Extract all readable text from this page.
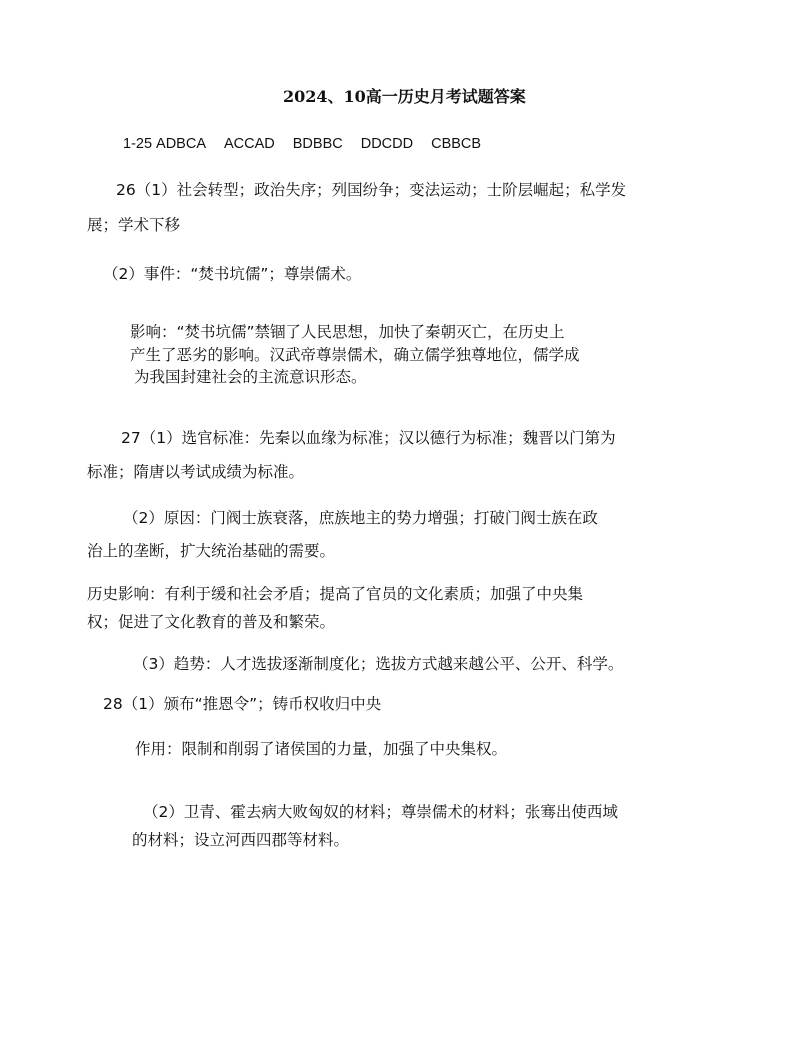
2024、10高一历史月考试题答案

1-25 ADBCA ACCAD BDBBC DDCDD CBBCB

26（1）社会转型；政治失序；列国纷争；变法运动；士阶层崛起；私学发

展；学术下移

（2）事件：“焚书坑儒”；尊崇儒术。

影响：“焚书坑儒”禁锢了人民思想，加快了秦朝灭亡，在历史上

产生了恶劣的影响。汉武帝尊崇儒术，确立儒学独尊地位，儒学成

为我国封建社会的主流意识形态。

27（1）选官标准：先秦以血缘为标准；汉以德行为标准；魏晋以门第为

标准；隋唐以考试成绩为标准。

（2）原因：门阀士族衰落，庶族地主的势力增强；打破门阀士族在政

治上的垄断，扩大统治基础的需要。

历史影响：有利于缓和社会矛盾；提高了官员的文化素质；加强了中央集

权；促进了文化教育的普及和繁荣。

（3）趋势：人才选拔逐渐制度化；选拔方式越来越公平、公开、科学。

28（1）颁布“推恩令”；铸币权收归中央

作用：限制和削弱了诸侯国的力量，加强了中央集权。

（2）卫青、霍去病大败匈奴的材料；尊崇儒术的材料；张骞出使西域

的材料；设立河西四郡等材料。
